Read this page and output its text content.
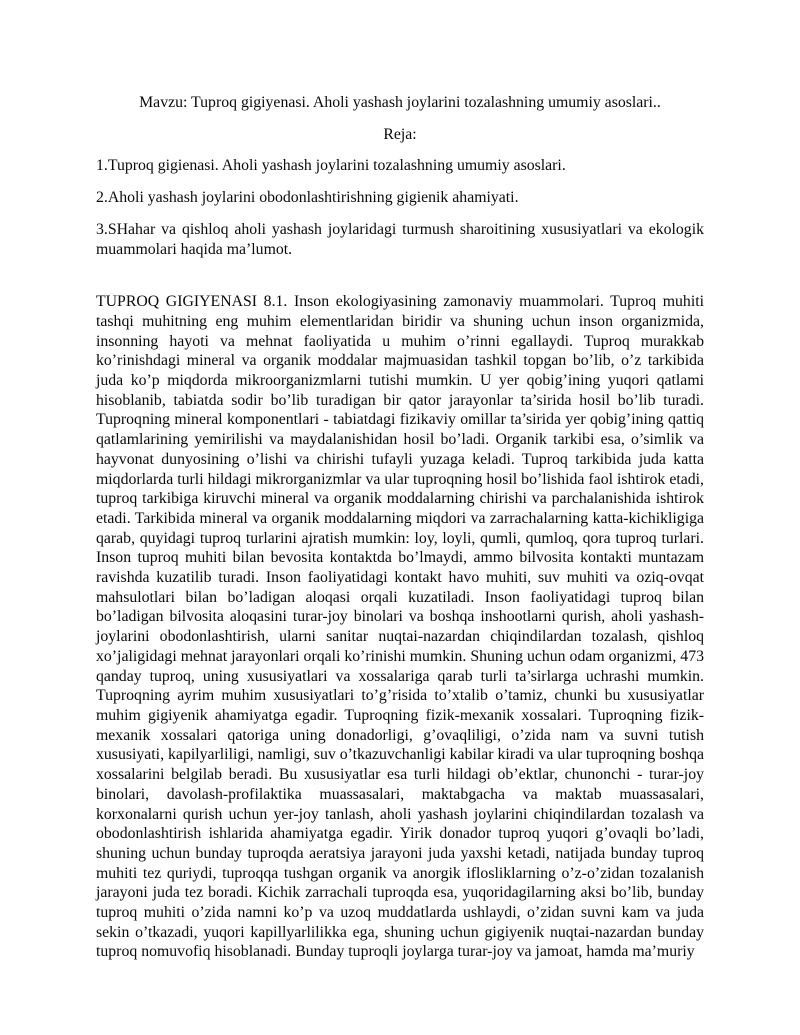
Mavzu: Tuproq gigiyenasi. Aholi yashash joylarini tozalashning umumiy asoslari..

Reja:

1.Tuproq gigienasi. Aholi yashash joylarini tozalashning umumiy asoslari.

2.Aholi yashash joylarini obodonlashtirishning gigienik ahamiyati.

3.SHahar va qishloq aholi yashash joylaridagi turmush sharoitining xususiyatlari va ekologik muammolari haqida ma’lumot.

TUPROQ GIGIYENASI 8.1. Inson ekologiyasining zamonaviy muammolari. Tuproq muhiti tashqi muhitning eng muhim elementlaridan biridir va shuning uchun inson organizmida, insonning hayoti va mehnat faoliyatida u muhim o’rinni egallaydi. Tuproq murakkab ko’rinishdagi mineral va organik moddalar majmuasidan tashkil topgan bo’lib, o’z tarkibida juda ko’p miqdorda mikroorganizmlarni tutishi mumkin. U yer qobig’ining yuqori qatlami hisoblanib, tabiatda sodir bo’lib turadigan bir qator jarayonlar ta’sirida hosil bo’lib turadi. Tuproqning mineral komponentlari - tabiatdagi fizikaviy omillar ta’sirida yer qobig’ining qattiq qatlamlarining yemirilishi va maydalanishidan hosil bo’ladi. Organik tarkibi esa, o’simlik va hayvonat dunyosining o’lishi va chirishi tufayli yuzaga keladi. Tuproq tarkibida juda katta miqdorlarda turli hildagi mikrorganizmlar va ular tuproqning hosil bo’lishida faol ishtirok etadi, tuproq tarkibiga kiruvchi mineral va organik moddalarning chirishi va parchalanishida ishtirok etadi. Tarkibida mineral va organik moddalarning miqdori va zarrachalarning katta-kichikligiga qarab, quyidagi tuproq turlarini ajratish mumkin: loy, loyli, qumli, qumloq, qora tuproq turlari. Inson tuproq muhiti bilan bevosita kontaktda bo’lmaydi, ammo bilvosita kontakti muntazam ravishda kuzatilib turadi. Inson faoliyatidagi kontakt havo muhiti, suv muhiti va oziq-ovqat mahsulotlari bilan bo’ladigan aloqasi orqali kuzatiladi. Inson faoliyatidagi tuproq bilan bo’ladigan bilvosita aloqasini turar-joy binolari va boshqa inshootlarni qurish, aholi yashash-joylarini obodonlashtirish, ularni sanitar nuqtai-nazardan chiqindilardan tozalash, qishloq xo’jaligidagi mehnat jarayonlari orqali ko’rinishi mumkin. Shuning uchun odam organizmi, 473 qanday tuproq, uning xususiyatlari va xossalariga qarab turli ta’sirlarga uchrashi mumkin. Tuproqning ayrim muhim xususiyatlari to’g’risida to’xtalib o’tamiz, chunki bu xususiyatlar muhim gigiyenik ahamiyatga egadir. Tuproqning fizik-mexanik xossalari. Tuproqning fizik-mexanik xossalari qatoriga uning donadorligi, g’ovaqliligi, o’zida nam va suvni tutish xususiyati, kapilyarliligi, namligi, suv o’tkazuvchanligi kabilar kiradi va ular tuproqning boshqa xossalarini belgilab beradi. Bu xususiyatlar esa turli hildagi ob’ektlar, chunonchi - turar-joy binolari, davolash-profilaktika muassasalari, maktabgacha va maktab muassasalari, korxonalarni qurish uchun yer-joy tanlash, aholi yashash joylarini chiqindilardan tozalash va obodonlashtirish ishlarida ahamiyatga egadir. Yirik donador tuproq yuqori g’ovaqli bo’ladi, shuning uchun bunday tuproqda aeratsiya jarayoni juda yaxshi ketadi, natijada bunday tuproq muhiti tez quriydi, tuproqqa tushgan organik va anorgik iflosliklarning o’z-o’zidan tozalanish jarayoni juda tez boradi. Kichik zarrachali tuproqda esa, yuqoridagilarning aksi bo’lib, bunday tuproq muhiti o’zida namni ko’p va uzoq muddatlarda ushlaydi, o’zidan suvni kam va juda sekin o’tkazadi, yuqori kapillyarlilikka ega, shuning uchun gigiyenik nuqtai-nazardan bunday tuproq nomuvofiq hisoblanadi. Bunday tuproqli joylarga turar-joy va jamoat, hamda ma’muriy
